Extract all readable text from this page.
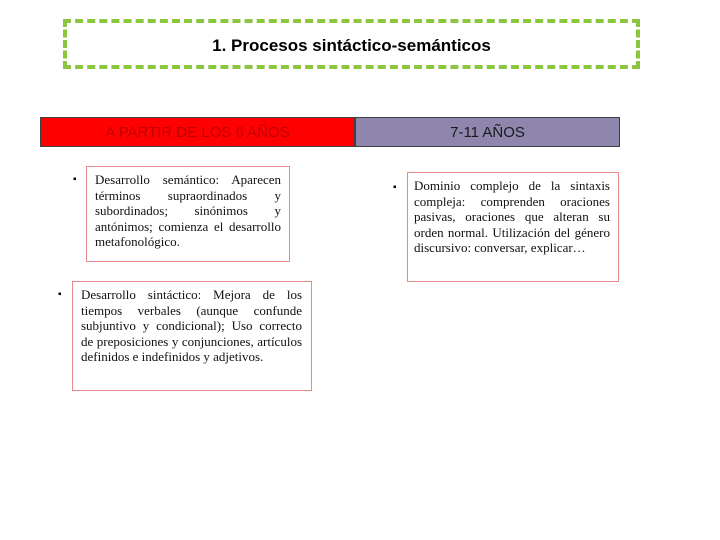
1. Procesos sintáctico-semánticos
A PARTIR DE LOS 6 AÑOS	7-11 AÑOS
▪ Desarrollo semántico: Aparecen términos supraordinados y subordinados; sinónimos y antónimos; comienza el desarrollo metafonológico.
▪ Desarrollo sintáctico: Mejora de los tiempos verbales (aunque confunde subjuntivo y condicional); Uso correcto de preposiciones y conjunciones, artículos definidos e indefinidos y adjetivos.
▪ Dominio complejo de la sintaxis compleja: comprenden oraciones pasivas, oraciones que alteran su orden normal. Utilización del género discursivo: conversar, explicar…
